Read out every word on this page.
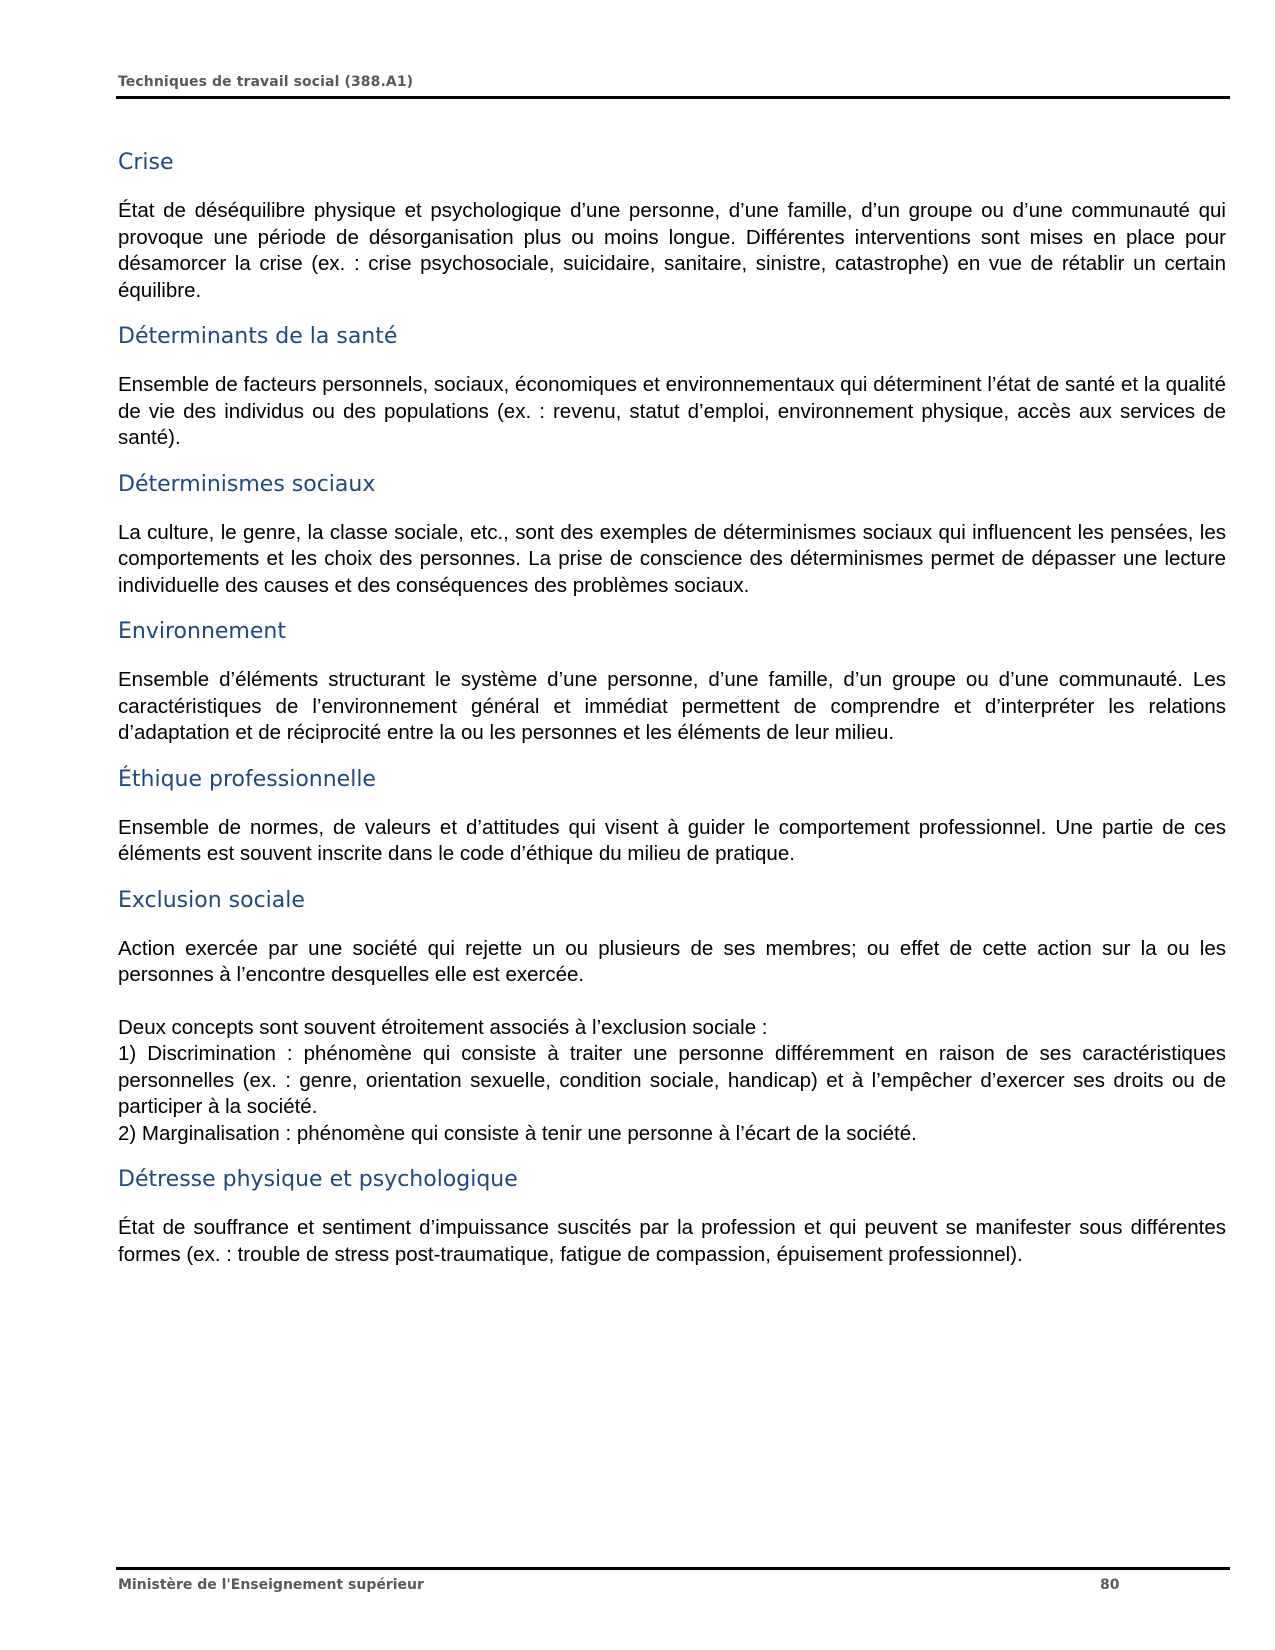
Techniques de travail social (388.A1)
Crise

État de déséquilibre physique et psychologique d’une personne, d’une famille, d’un groupe ou d’une communauté qui provoque une période de désorganisation plus ou moins longue. Différentes interventions sont mises en place pour désamorcer la crise (ex. : crise psychosociale, suicidaire, sanitaire, sinistre, catastrophe) en vue de rétablir un certain équilibre.

Déterminants de la santé

Ensemble de facteurs personnels, sociaux, économiques et environnementaux qui déterminent l’état de santé et la qualité de vie des individus ou des populations (ex. : revenu, statut d’emploi, environnement physique, accès aux services de santé).

Déterminismes sociaux

La culture, le genre, la classe sociale, etc., sont des exemples de déterminismes sociaux qui influencent les pensées, les comportements et les choix des personnes. La prise de conscience des déterminismes permet de dépasser une lecture individuelle des causes et des conséquences des problèmes sociaux.

Environnement

Ensemble d’éléments structurant le système d’une personne, d’une famille, d’un groupe ou d’une communauté. Les caractéristiques de l’environnement général et immédiat permettent de comprendre et d’interpréter les relations d’adaptation et de réciprocité entre la ou les personnes et les éléments de leur milieu.

Éthique professionnelle

Ensemble de normes, de valeurs et d’attitudes qui visent à guider le comportement professionnel. Une partie de ces éléments est souvent inscrite dans le code d’éthique du milieu de pratique.

Exclusion sociale

Action exercée par une société qui rejette un ou plusieurs de ses membres; ou effet de cette action sur la ou les personnes à l’encontre desquelles elle est exercée.

Deux concepts sont souvent étroitement associés à l’exclusion sociale :

1) Discrimination : phénomène qui consiste à traiter une personne différemment en raison de ses caractéristiques personnelles (ex. : genre, orientation sexuelle, condition sociale, handicap) et à l’empêcher d’exercer ses droits ou de participer à la société.

2) Marginalisation : phénomène qui consiste à tenir une personne à l’écart de la société.

Détresse physique et psychologique

État de souffrance et sentiment d’impuissance suscités par la profession et qui peuvent se manifester sous différentes formes (ex. : trouble de stress post-traumatique, fatigue de compassion, épuisement professionnel).

Ministère de l'Enseignement supérieur	80
